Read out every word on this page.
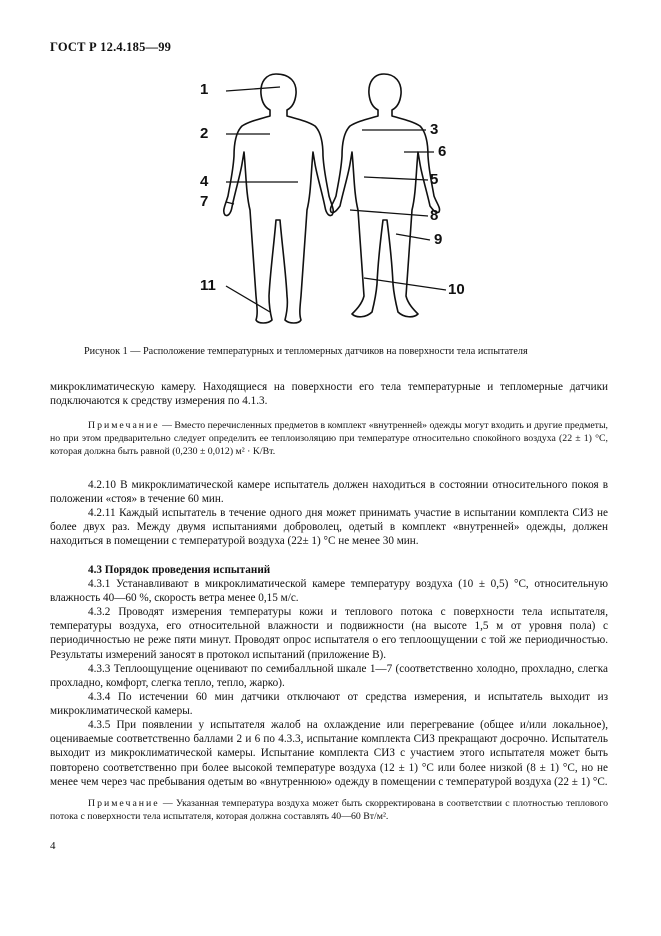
ГОСТ Р 12.4.185—99
1
2	3
4	5
6
7
8
9
10
11
Рисунок 1 — Расположение температурных и тепломерных датчиков на поверхности тела испытателя
микроклиматическую камеру. Находящиеся на поверхности его тела температурные и тепломерные датчики подключаются к средству измерения по 4.1.3.
Примечание — Вместо перечисленных предметов в комплект «внутренней» одежды могут входить и другие предметы, но при этом предварительно следует определить ее теплоизоляцию при температуре относительно спокойного воздуха (22 ± 1) °С, которая должна быть равной (0,230 ± 0,012) м² · K/Вт.
4.2.10 В микроклиматической камере испытатель должен находиться в состоянии относительного покоя в положении «стоя» в течение 60 мин.
4.2.11 Каждый испытатель в течение одного дня может принимать участие в испытании комплекта СИЗ не более двух раз. Между двумя испытаниями доброволец, одетый в комплект «внутренней» одежды, должен находиться в помещении с температурой воздуха (22± 1) °С не менее 30 мин.
4.3 Порядок проведения испытаний
4.3.1 Устанавливают в микроклиматической камере температуру воздуха (10 ± 0,5) °С, относительную влажность 40—60 %, скорость ветра менее 0,15 м/с.
4.3.2 Проводят измерения температуры кожи и теплового потока с поверхности тела испытателя, температуры воздуха, его относительной влажности и подвижности (на высоте 1,5 м от уровня пола) с периодичностью не реже пяти минут. Проводят опрос испытателя о его теплоощущении с той же периодичностью. Результаты измерений заносят в протокол испытаний (приложение В).
4.3.3 Теплоощущение оценивают по семибалльной шкале 1—7 (соответственно холодно, прохладно, слегка прохладно, комфорт, слегка тепло, тепло, жарко).
4.3.4 По истечении 60 мин датчики отключают от средства измерения, и испытатель выходит из микроклиматической камеры.
4.3.5 При появлении у испытателя жалоб на охлаждение или перегревание (общее и/или локальное), оцениваемые соответственно баллами 2 и 6 по 4.3.3, испытание комплекта СИЗ прекращают досрочно. Испытатель выходит из микроклиматической камеры. Испытание комплекта СИЗ с участием этого испытателя может быть повторено соответственно при более высокой температуре воздуха (12 ± 1) °С или более низкой (8 ± 1) °С, но не менее чем через час пребывания одетым во «внутреннюю» одежду в помещении с температурой воздуха (22 ± 1) °С.
Примечание — Указанная температура воздуха может быть скорректирована в соответствии с плотностью теплового потока с поверхности тела испытателя, которая должна составлять 40—60 Вт/м².
4
